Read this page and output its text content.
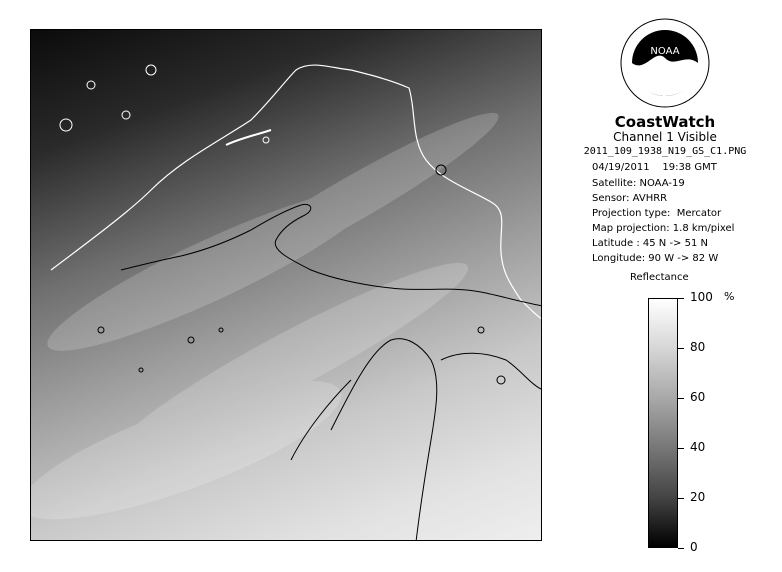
NOAA
CoastWatch
Channel 1 Visible
2011_109_1938_N19_GS_C1.PNG
04/19/2011    19:38 GMT
Satellite: NOAA-19
Sensor: AVHRR
Projection type:  Mercator
Map projection: 1.8 km/pixel
Latitude : 45 N -> 51 N
Longitude: 90 W -> 82 W
Reflectance
%
100
80
60
40
20
0
